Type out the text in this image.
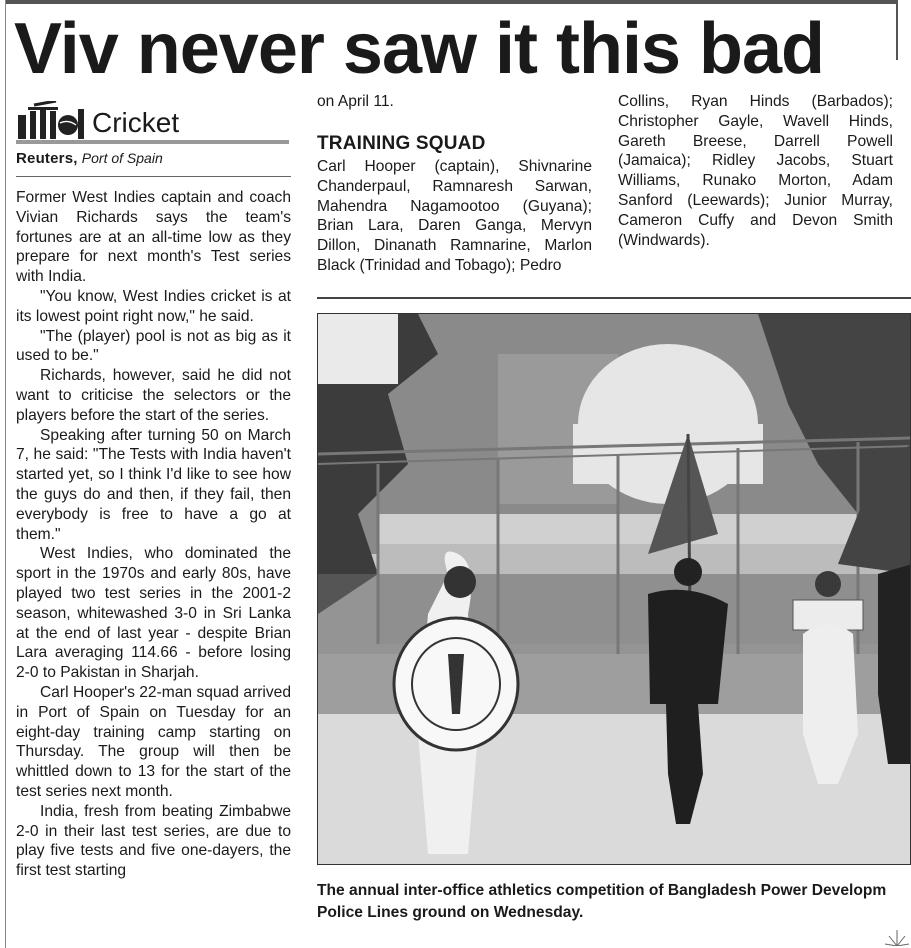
Viv never saw it this bad
Cricket
Reuters, Port of Spain

Former West Indies captain and coach Vivian Richards says the team's fortunes are at an all-time low as they prepare for next month's Test series with India.

"You know, West Indies cricket is at its lowest point right now," he said.

"The (player) pool is not as big as it used to be."

Richards, however, said he did not want to criticise the selectors or the players before the start of the series.

Speaking after turning 50 on March 7, he said: "The Tests with India haven't started yet, so I think I'd like to see how the guys do and then, if they fail, then everybody is free to have a go at them."

West Indies, who dominated the sport in the 1970s and early 80s, have played two test series in the 2001-2 season, whitewashed 3-0 in Sri Lanka at the end of last year - despite Brian Lara averaging 114.66 - before losing 2-0 to Pakistan in Sharjah.

Carl Hooper's 22-man squad arrived in Port of Spain on Tuesday for an eight-day training camp starting on Thursday. The group will then be whittled down to 13 for the start of the test series next month.

India, fresh from beating Zimbabwe 2-0 in their last test series, are due to play five tests and five one-dayers, the first test starting

on April 11.

TRAINING SQUAD

Carl Hooper (captain), Shivnarine Chanderpaul, Ramnaresh Sarwan, Mahendra Nagamootoo (Guyana); Brian Lara, Daren Ganga, Mervyn Dillon, Dinanath Ramnarine, Marlon Black (Trinidad and Tobago); Pedro

Collins, Ryan Hinds (Barbados); Christopher Gayle, Wavell Hinds, Gareth Breese, Darrell Powell (Jamaica); Ridley Jacobs, Stuart Williams, Runako Morton, Adam Sanford (Leewards); Junior Murray, Cameron Cuffy and Devon Smith (Windwards).

The annual inter-office athletics competition of Bangladesh Power Developm
Police Lines ground on Wednesday.
